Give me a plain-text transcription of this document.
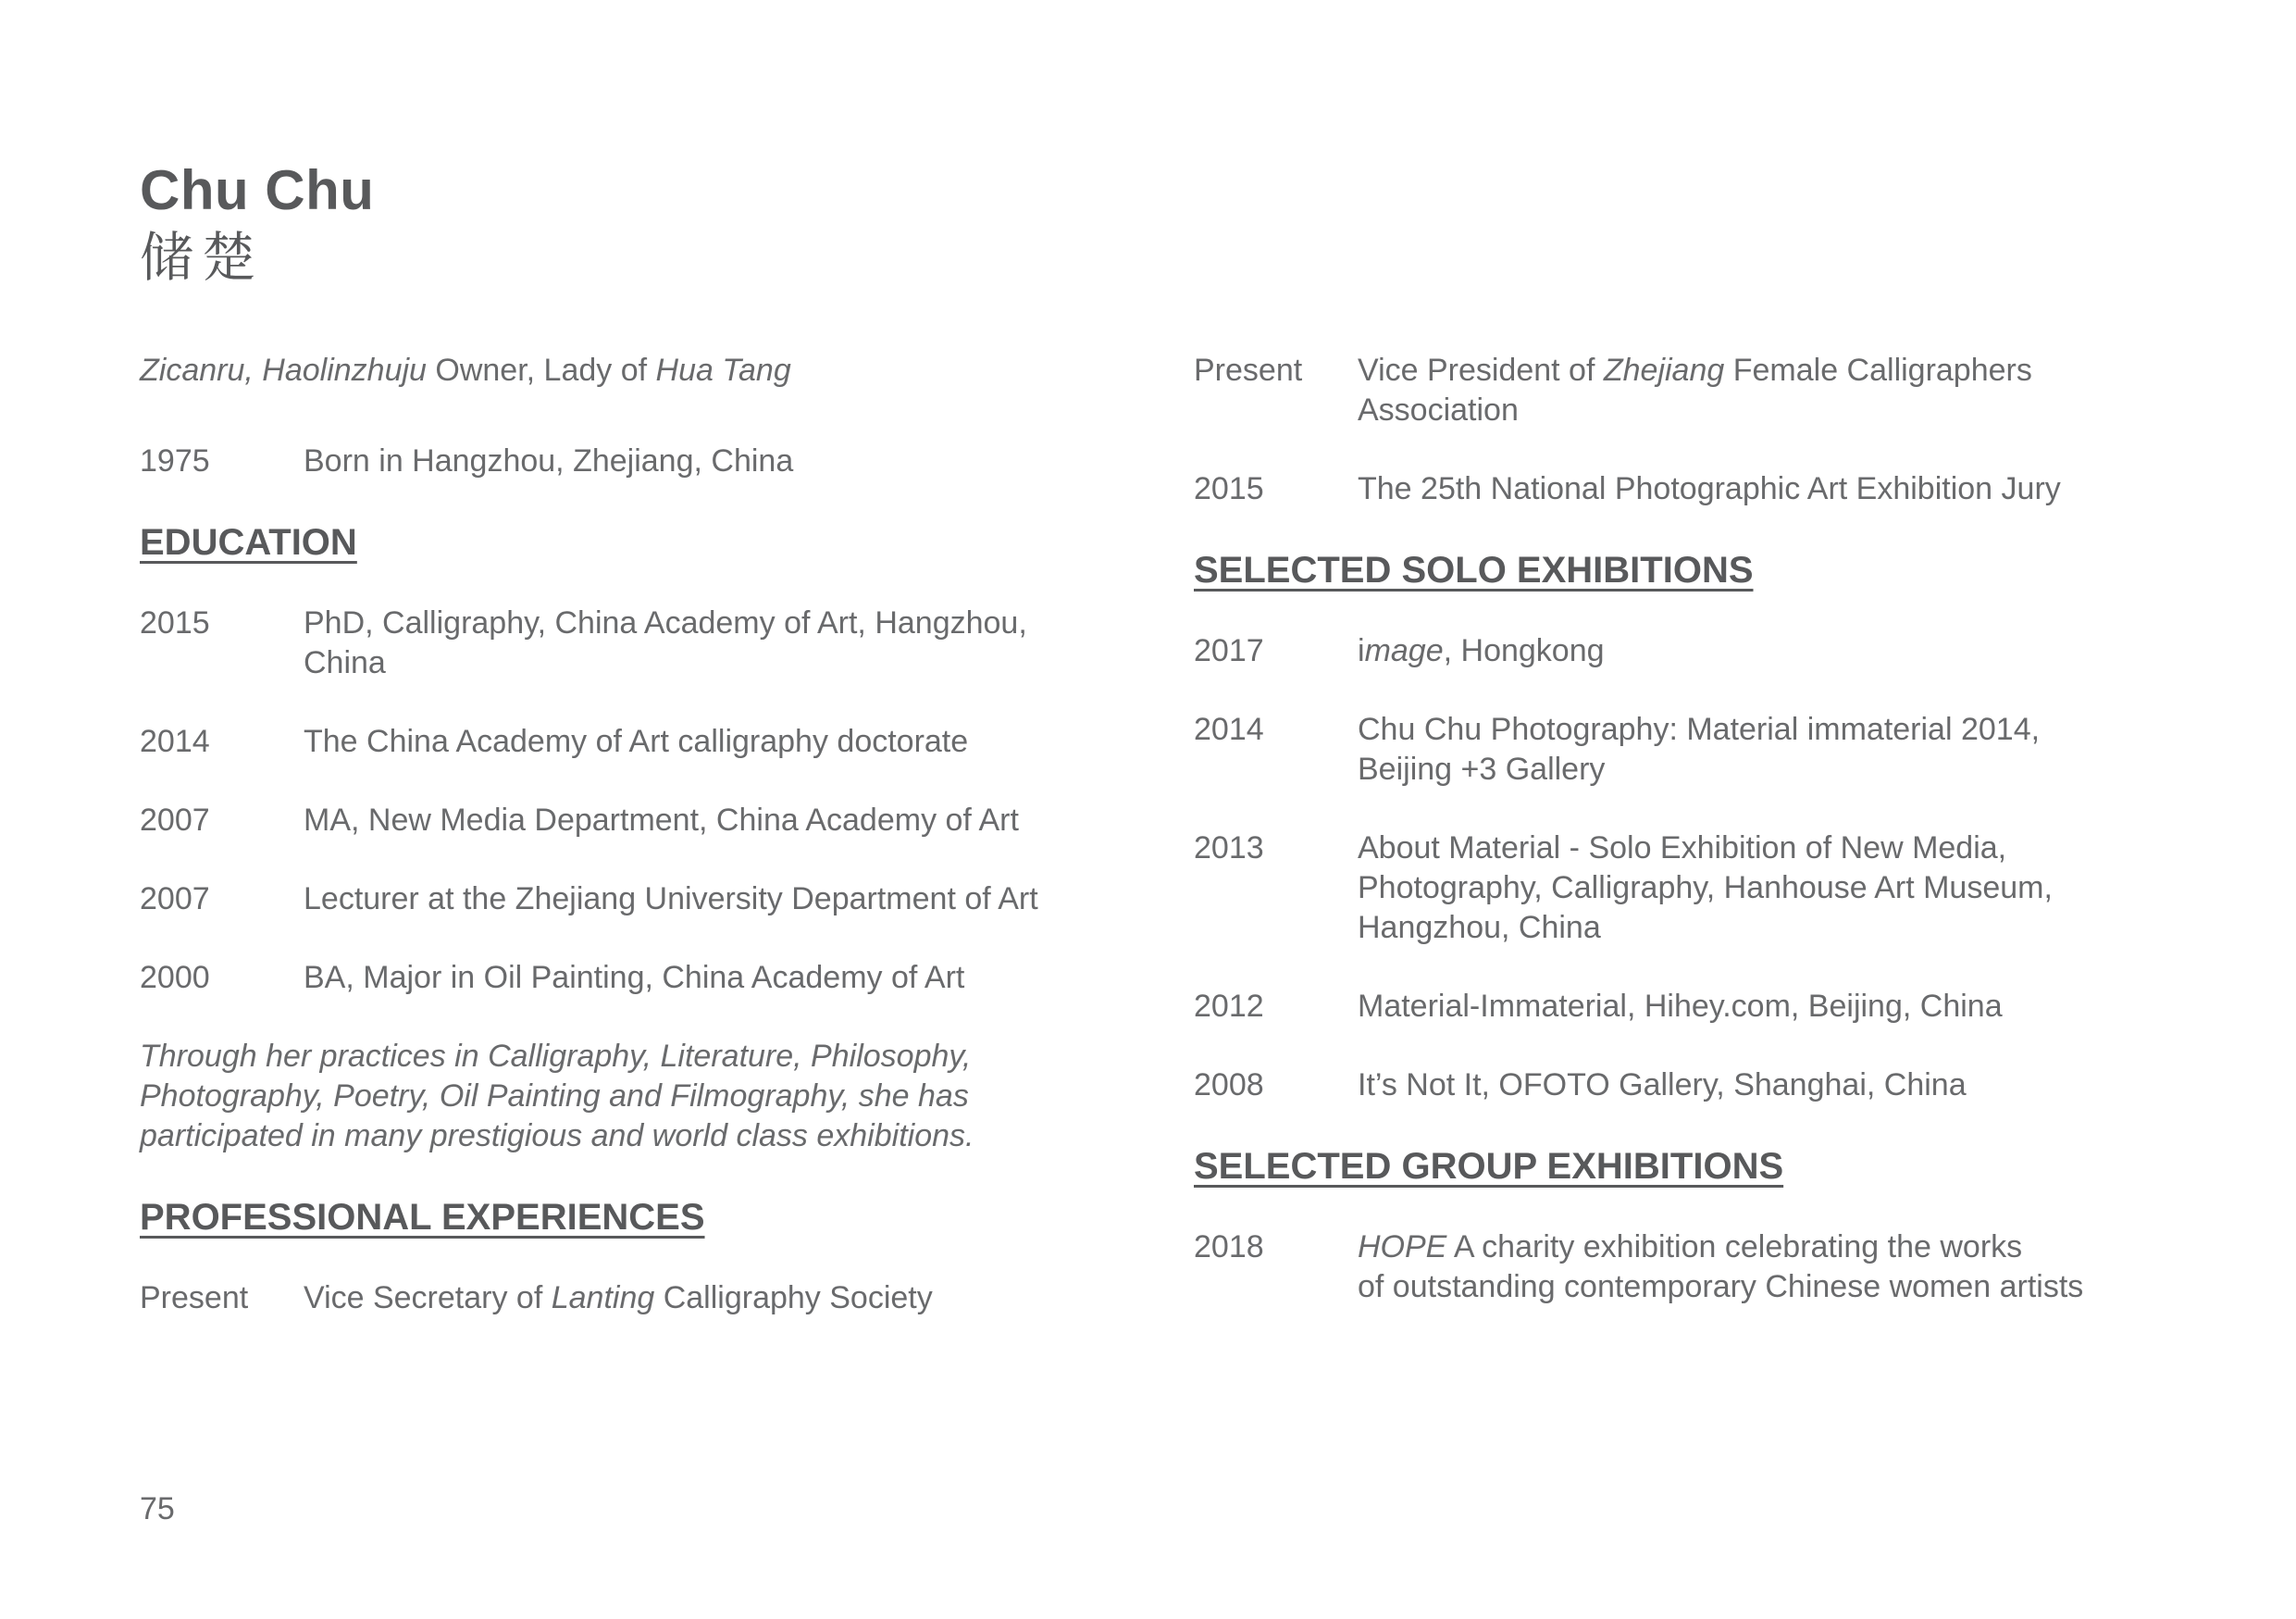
Chu Chu
储楚

Zicanru, Haolinzhuju Owner, Lady of Hua Tang

1975	Born in Hangzhou, Zhejiang, China
EDUCATION
2015	PhD, Calligraphy, China Academy of Art, Hangzhou,
China
2014	The China Academy of Art calligraphy doctorate
2007	MA, New Media Department, China Academy of Art
2007	Lecturer at the Zhejiang University Department of Art
2000	BA, Major in Oil Painting, China Academy of Art

Through her practices in Calligraphy, Literature, Philosophy,
Photography, Poetry, Oil Painting and Filmography, she has
participated in many prestigious and world class exhibitions.

PROFESSIONAL EXPERIENCES
Present	Vice Secretary of Lanting Calligraphy Society
Present	Vice President of Zhejiang Female Calligraphers
Association
2015	The 25th National Photographic Art Exhibition Jury
SELECTED SOLO EXHIBITIONS
2017	image, Hongkong
2014	Chu Chu Photography: Material immaterial 2014,
Beijing +3 Gallery
2013	About Material - Solo Exhibition of New Media,
Photography, Calligraphy, Hanhouse Art Museum,
Hangzhou, China
2012	Material-Immaterial, Hihey.com, Beijing, China
2008	It’s Not It, OFOTO Gallery, Shanghai, China
SELECTED GROUP EXHIBITIONS
2018	HOPE A charity exhibition celebrating the works
of outstanding contemporary Chinese women artists
75
